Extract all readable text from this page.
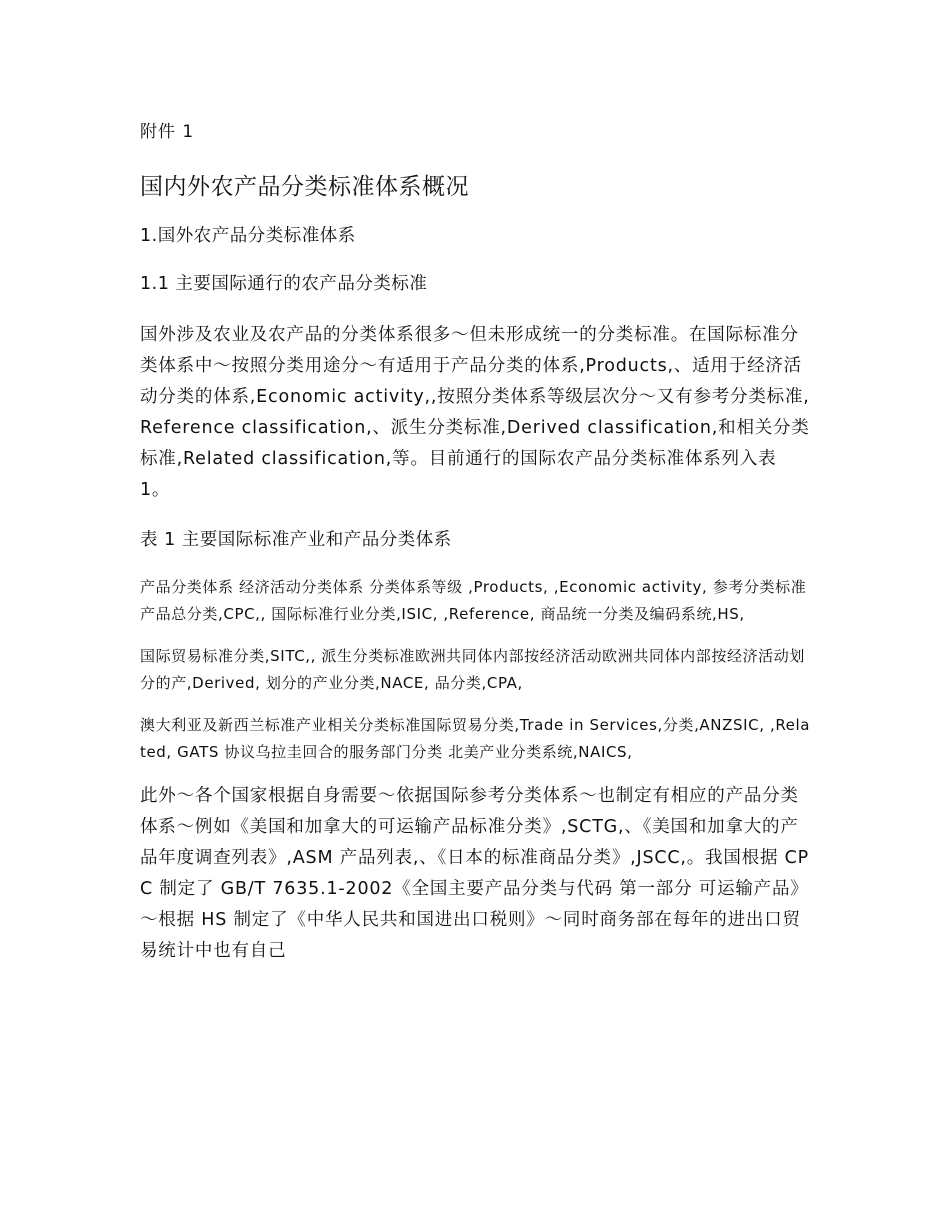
附件 1
国内外农产品分类标准体系概况
1.国外农产品分类标准体系
1.1 主要国际通行的农产品分类标准

国外涉及农业及农产品的分类体系很多～但未形成统一的分类标准。在国际标准分类体系中～按照分类用途分～有适用于产品分类的体系,Products,、适用于经济活动分类的体系,Economic activity,,按照分类体系等级层次分～又有参考分类标准,Reference classification,、派生分类标准,Derived classification,和相关分类标准,Related classification,等。目前通行的国际农产品分类标准体系列入表 1。

表 1 主要国际标准产业和产品分类体系

产品分类体系 经济活动分类体系 分类体系等级 ,Products, ,Economic activity, 参考分类标准产品总分类,CPC,, 国际标准行业分类,ISIC, ,Reference, 商品统一分类及编码系统,HS,

国际贸易标准分类,SITC,, 派生分类标准欧洲共同体内部按经济活动欧洲共同体内部按经济活动划分的产,Derived, 划分的产业分类,NACE, 品分类,CPA,

澳大利亚及新西兰标准产业相关分类标准国际贸易分类,Trade in Services,分类,ANZSIC, ,Related, GATS 协议乌拉圭回合的服务部门分类 北美产业分类系统,NAICS,

此外～各个国家根据自身需要～依据国际参考分类体系～也制定有相应的产品分类体系～例如《美国和加拿大的可运输产品标准分类》,SCTG,、《美国和加拿大的产品年度调查列表》,ASM 产品列表,、《日本的标准商品分类》,JSCC,。我国根据 CPC 制定了 GB/T 7635.1-2002《全国主要产品分类与代码 第一部分 可运输产品》～根据 HS 制定了《中华人民共和国进出口税则》～同时商务部在每年的进出口贸易统计中也有自己
